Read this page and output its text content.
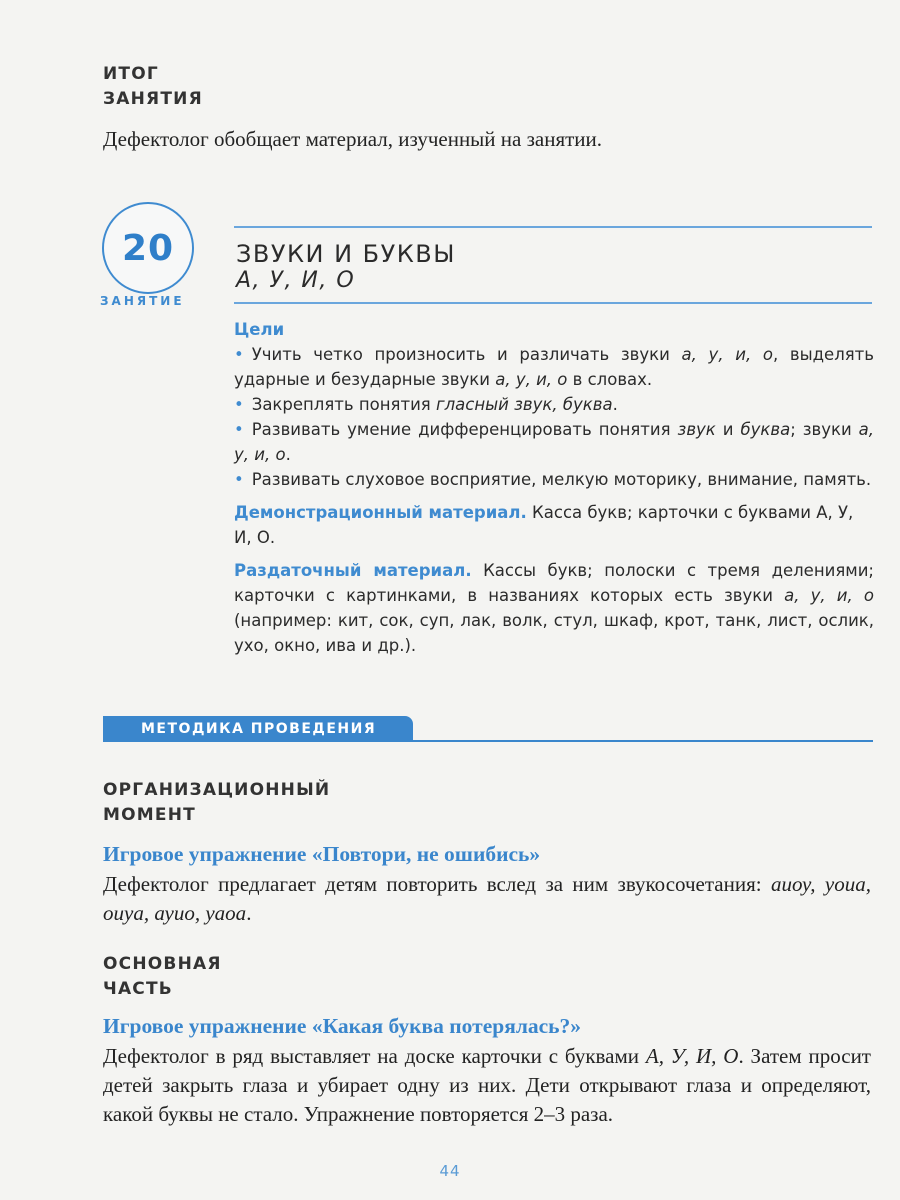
ИТОГ
ЗАНЯТИЯ
Дефектолог обобщает материал, изученный на занятии.
20
ЗАНЯТИЕ
ЗВУКИ И БУКВЫ
А, У, И, О
Цели

• Учить четко произносить и различать звуки а, у, и, о, выделять ударные и безударные звуки а, у, и, о в словах.

• Закреплять понятия гласный звук, буква.

• Развивать умение дифференцировать понятия звук и буква; звуки а, у, и, о.

• Развивать слуховое восприятие, мелкую моторику, внимание, память.

Демонстрационный материал. Касса букв; карточки с буквами А, У, И, О.

Раздаточный материал. Кассы букв; полоски с тремя делениями; карточки с картинками, в названиях которых есть звуки а, у, и, о (например: кит, сок, суп, лак, волк, стул, шкаф, крот, танк, лист, ослик, ухо, окно, ива и др.).

МЕТОДИКА ПРОВЕДЕНИЯ
ОРГАНИЗАЦИОННЫЙ
МОМЕНТ
Игровое упражнение «Повтори, не ошибись»
Дефектолог предлагает детям повторить вслед за ним звукосочетания: аиоу, уоиа, оиуа, ауио, уаоа.
ОСНОВНАЯ
ЧАСТЬ
Игровое упражнение «Какая буква потерялась?»
Дефектолог в ряд выставляет на доске карточки с буквами А, У, И, О. Затем просит детей закрыть глаза и убирает одну из них. Дети открывают глаза и определяют, какой буквы не стало. Упражнение повторяется 2–3 раза.
44
